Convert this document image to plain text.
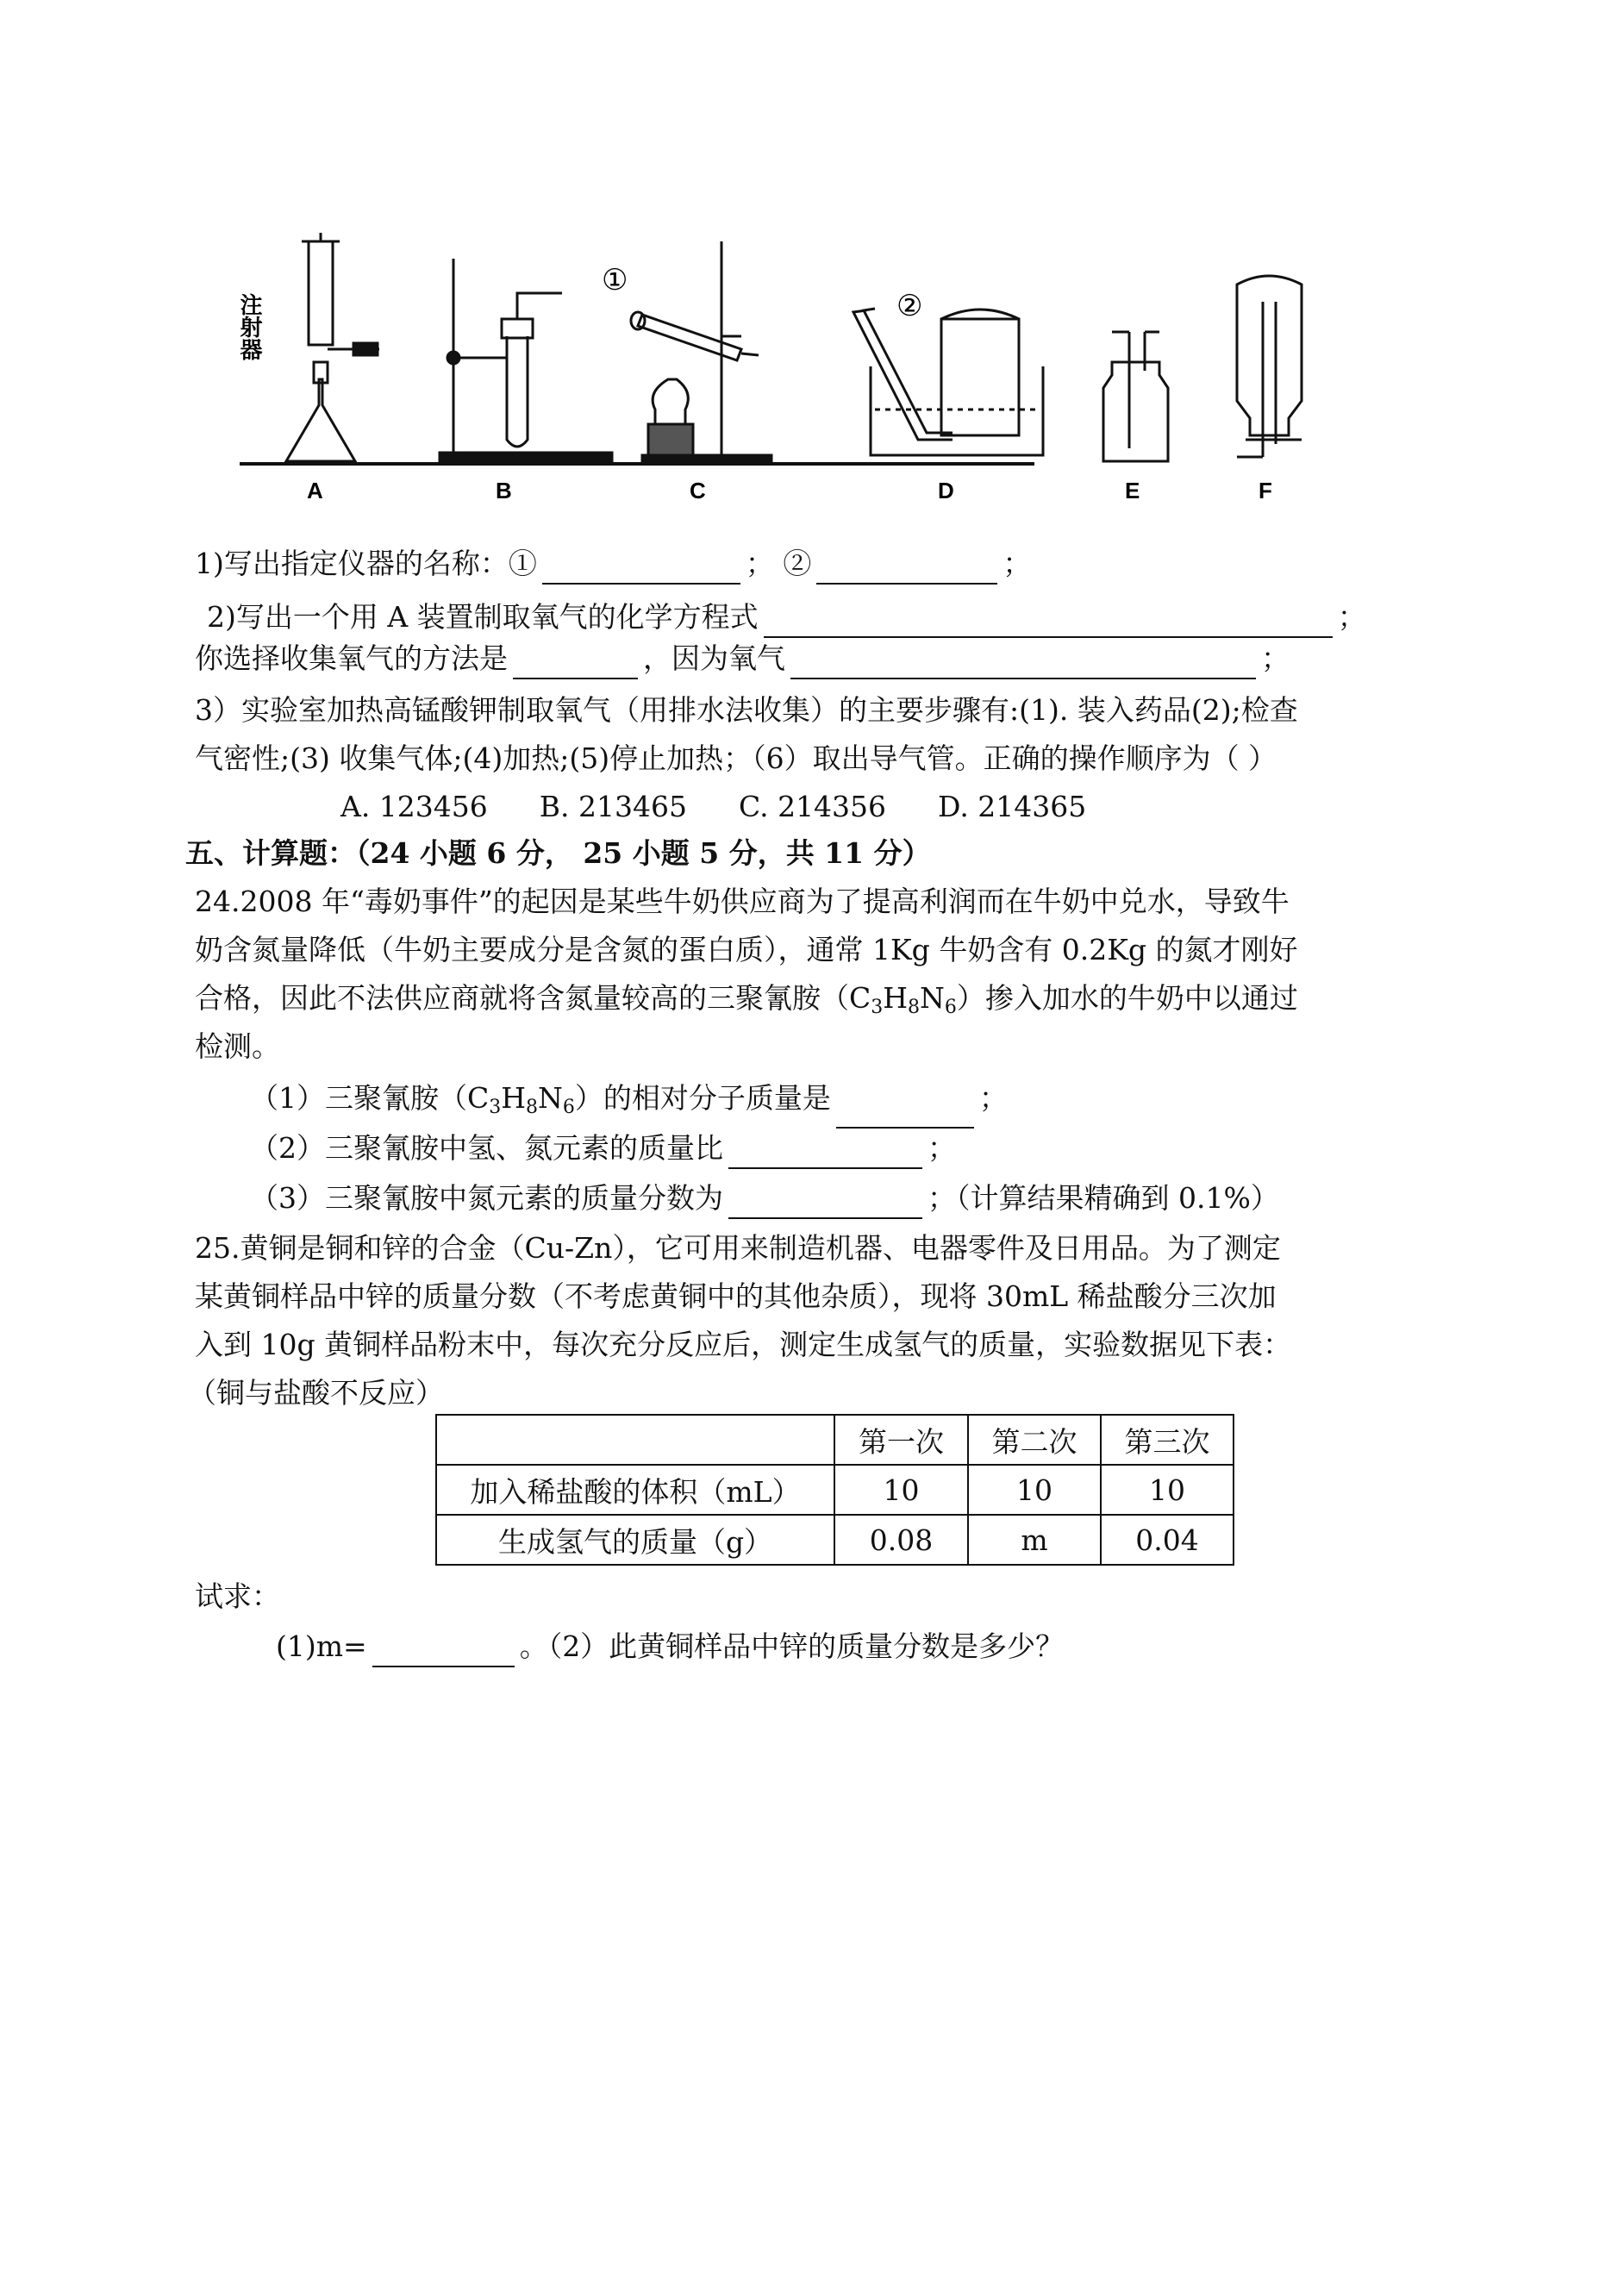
注射器
①
②
A	B	C	D	E	F
1)写出指定仪器的名称：①	； ②	；
2)写出一个用 A 装置制取氧气的化学方程式	；
你选择收集氧气的方法是	，因为氧气	；
3）实验室加热高锰酸钾制取氧气（用排水法收集）的主要步骤有:(1). 装入药品(2);检查
气密性;(3) 收集气体;(4)加热;(5)停止加热；（6）取出导气管。正确的操作顺序为（ ）
A. 123456 B. 213465 C. 214356 D. 214365
五、计算题：（24 小题 6 分， 25 小题 5 分，共 11 分）
24.2008 年“毒奶事件”的起因是某些牛奶供应商为了提高利润而在牛奶中兑水，导致牛
奶含氮量降低（牛奶主要成分是含氮的蛋白质），通常 1Kg 牛奶含有 0.2Kg 的氮才刚好
合格，因此不法供应商就将含氮量较高的三聚氰胺$(C_3H_8N_6)$掺入加水的牛奶中以通过
检测。
（1）三聚氰胺$(C_3H_8N_6)$的相对分子质量是	；
（2）三聚氰胺中氢、氮元素的质量比	；
（3）三聚氰胺中氮元素的质量分数为	；（计算结果精确到 0.1%）
25.黄铜是铜和锌的合金（Cu-Zn），它可用来制造机器、电器零件及日用品。为了测定
某黄铜样品中锌的质量分数（不考虑黄铜中的其他杂质），现将 30mL 稀盐酸分三次加
入到 10g 黄铜样品粉末中，每次充分反应后，测定生成氢气的质量，实验数据见下表：
（铜与盐酸不反应）
	第一次	第二次	第三次
加入稀盐酸的体积（mL）	10	10	10
生成氢气的质量（g）	0.08	m	0.04
试求：
(1)m=	。（2）此黄铜样品中锌的质量分数是多少？
